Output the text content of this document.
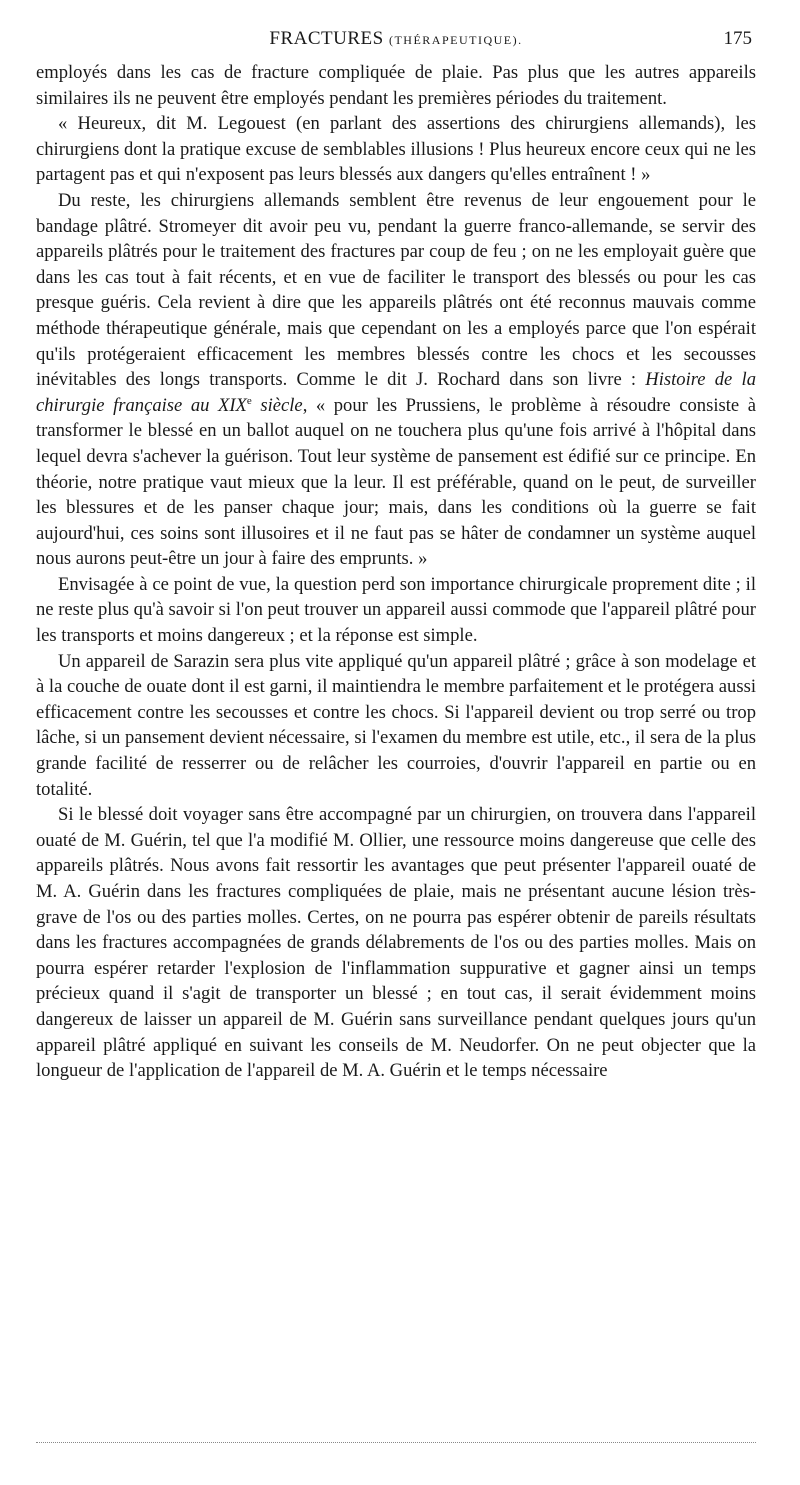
FRACTURES (THÉRAPEUTIQUE).	175

employés dans les cas de fracture compliquée de plaie. Pas plus que les autres appareils similaires ils ne peuvent être employés pendant les premières périodes du traitement.

« Heureux, dit M. Legouest (en parlant des assertions des chirurgiens allemands), les chirurgiens dont la pratique excuse de semblables illusions ! Plus heureux encore ceux qui ne les partagent pas et qui n'exposent pas leurs blessés aux dangers qu'elles entraînent ! »

Du reste, les chirurgiens allemands semblent être revenus de leur engouement pour le bandage plâtré. Stromeyer dit avoir peu vu, pendant la guerre franco-allemande, se servir des appareils plâtrés pour le traitement des fractures par coup de feu ; on ne les employait guère que dans les cas tout à fait récents, et en vue de faciliter le transport des blessés ou pour les cas presque guéris. Cela revient à dire que les appareils plâtrés ont été reconnus mauvais comme méthode thérapeutique générale, mais que cependant on les a employés parce que l'on espérait qu'ils protégeraient efficacement les membres blessés contre les chocs et les secousses inévitables des longs transports. Comme le dit J. Rochard dans son livre : Histoire de la chirurgie française au XIXe siècle, « pour les Prussiens, le problème à résoudre consiste à transformer le blessé en un ballot auquel on ne touchera plus qu'une fois arrivé à l'hôpital dans lequel devra s'achever la guérison. Tout leur système de pansement est édifié sur ce principe. En théorie, notre pratique vaut mieux que la leur. Il est préférable, quand on le peut, de surveiller les blessures et de les panser chaque jour; mais, dans les conditions où la guerre se fait aujourd'hui, ces soins sont illusoires et il ne faut pas se hâter de condamner un système auquel nous aurons peut-être un jour à faire des emprunts. »

Envisagée à ce point de vue, la question perd son importance chirurgicale proprement dite ; il ne reste plus qu'à savoir si l'on peut trouver un appareil aussi commode que l'appareil plâtré pour les transports et moins dangereux ; et la réponse est simple.

Un appareil de Sarazin sera plus vite appliqué qu'un appareil plâtré ; grâce à son modelage et à la couche de ouate dont il est garni, il maintiendra le membre parfaitement et le protégera aussi efficacement contre les secousses et contre les chocs. Si l'appareil devient ou trop serré ou trop lâche, si un pansement devient nécessaire, si l'examen du membre est utile, etc., il sera de la plus grande facilité de resserrer ou de relâcher les courroies, d'ouvrir l'appareil en partie ou en totalité.

Si le blessé doit voyager sans être accompagné par un chirurgien, on trouvera dans l'appareil ouaté de M. Guérin, tel que l'a modifié M. Ollier, une ressource moins dangereuse que celle des appareils plâtrés. Nous avons fait ressortir les avantages que peut présenter l'appareil ouaté de M. A. Guérin dans les fractures compliquées de plaie, mais ne présentant aucune lésion très-grave de l'os ou des parties molles. Certes, on ne pourra pas espérer obtenir de pareils résultats dans les fractures accompagnées de grands délabrements de l'os ou des parties molles. Mais on pourra espérer retarder l'explosion de l'inflammation suppurative et gagner ainsi un temps précieux quand il s'agit de transporter un blessé ; en tout cas, il serait évidemment moins dangereux de laisser un appareil de M. Guérin sans surveillance pendant quelques jours qu'un appareil plâtré appliqué en suivant les conseils de M. Neudorfer. On ne peut objecter que la longueur de l'application de l'appareil de M. A. Guérin et le temps nécessaire
